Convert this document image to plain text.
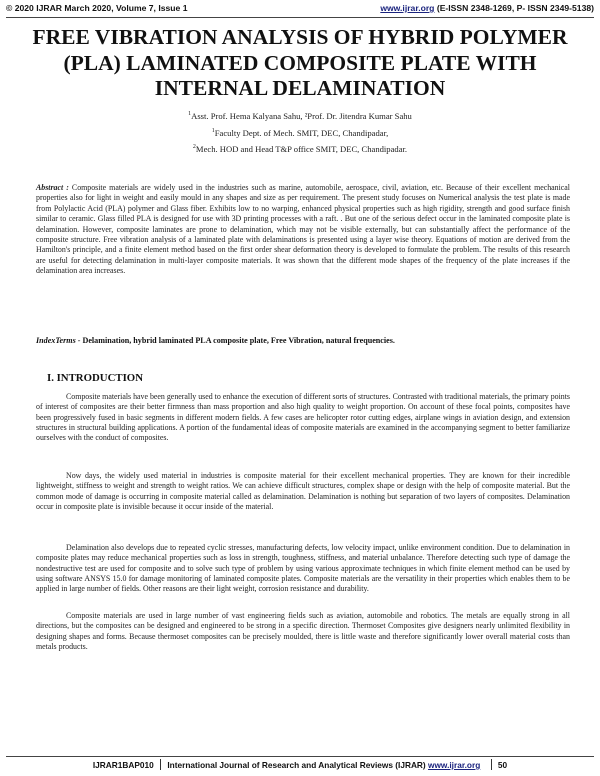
© 2020 IJRAR March 2020, Volume 7, Issue 1	www.ijrar.org (E-ISSN 2348-1269, P- ISSN 2349-5138)
FREE VIBRATION ANALYSIS OF HYBRID POLYMER (PLA) LAMINATED COMPOSITE PLATE WITH INTERNAL DELAMINATION
$^1$Asst. Prof. Hema Kalyana Sahu, ²Prof. Dr. Jitendra Kumar Sahu
$^1$Faculty Dept. of Mech. SMIT, DEC, Chandipadar,
$^2$Mech. HOD and Head T&P office SMIT, DEC, Chandipadar.
Abstract : Composite materials are widely used in the industries such as marine, automobile, aerospace, civil, aviation, etc. Because of their excellent mechanical properties also for light in weight and easily mould in any shapes and size as per requirement. The present study focuses on Numerical analysis the test plate is made from Polylactic Acid (PLA) polymer and Glass fiber. Exhibits low to no warping, enhanced physical properties such as high rigidity, strength and good surface finish similar to ceramic. Glass filled PLA is designed for use with 3D printing processes with a raft. . But one of the serious defect occur in the laminated composite plate is delamination. However, composite laminates are prone to delamination, which may not be visible externally, but can substantially affect the performance of the composite structure. Free vibration analysis of a laminated plate with delaminations is presented using a layer wise theory. Equations of motion are derived from the Hamilton's principle, and a finite element method based on the first order shear deformation theory is developed to formulate the problem. The results of this research are useful for detecting delamination in multi-layer composite materials. It was shown that the different mode shapes of the frequency of the plate increases if the delamination area increases.
IndexTerms - Delamination, hybrid laminated PLA composite plate, Free Vibration, natural frequencies.
I. INTRODUCTION

Composite materials have been generally used to enhance the execution of different sorts of structures. Contrasted with traditional materials, the primary points of interest of composites are their better firmness than mass proportion and also high quality to weight proportion. On account of these focal points, composites have been progressively fused in basic segments in different modern fields. A few cases are helicopter rotor cutting edges, airplane wings in aviation design, and extension structures in structural building applications. A portion of the fundamental ideas of composite materials are examined in the accompanying segment to better familiarize ourselves with the conduct of composites.

Now days, the widely used material in industries is composite material for their excellent mechanical properties. They are known for their incredible lightweight, stiffness to weight and strength to weight ratios. We can achieve difficult structures, complex shape or design with the help of composite material. But the common mode of damage is occurring in composite material called as delamination. Delamination is nothing but separation of two layers of composites. Delamination occur in composite plate is invisible because it occur inside of the material.

Delamination also develops due to repeated cyclic stresses, manufacturing defects, low velocity impact, unlike environment condition. Due to delamination in composite plates may reduce mechanical properties such as loss in strength, toughness, stiffness, and material unbalance. Therefore detecting such type of damage the nondestructive test are used for composite and to solve such type of problem by using various approximate techniques in which finite element method can be used by using software ANSYS 15.0 for damage monitoring of laminated composite plates. Composite materials are the versatility in their properties which enables them to be applied in large number of fields. Other reasons are their light weight, corrosion resistance and durability.

Composite materials are used in large number of vast engineering fields such as aviation, automobile and robotics. The metals are equally strong in all directions, but the composites can be designed and engineered to be strong in a specific direction. Thermoset Composites give designers nearly unlimited flexibility in designing shapes and forms. Because thermoset composites can be precisely moulded, there is little waste and therefore significantly lower overall material costs than metals products.

IJRAR1BAP010 International Journal of Research and Analytical Reviews (IJRAR) www.ijrar.org 50
